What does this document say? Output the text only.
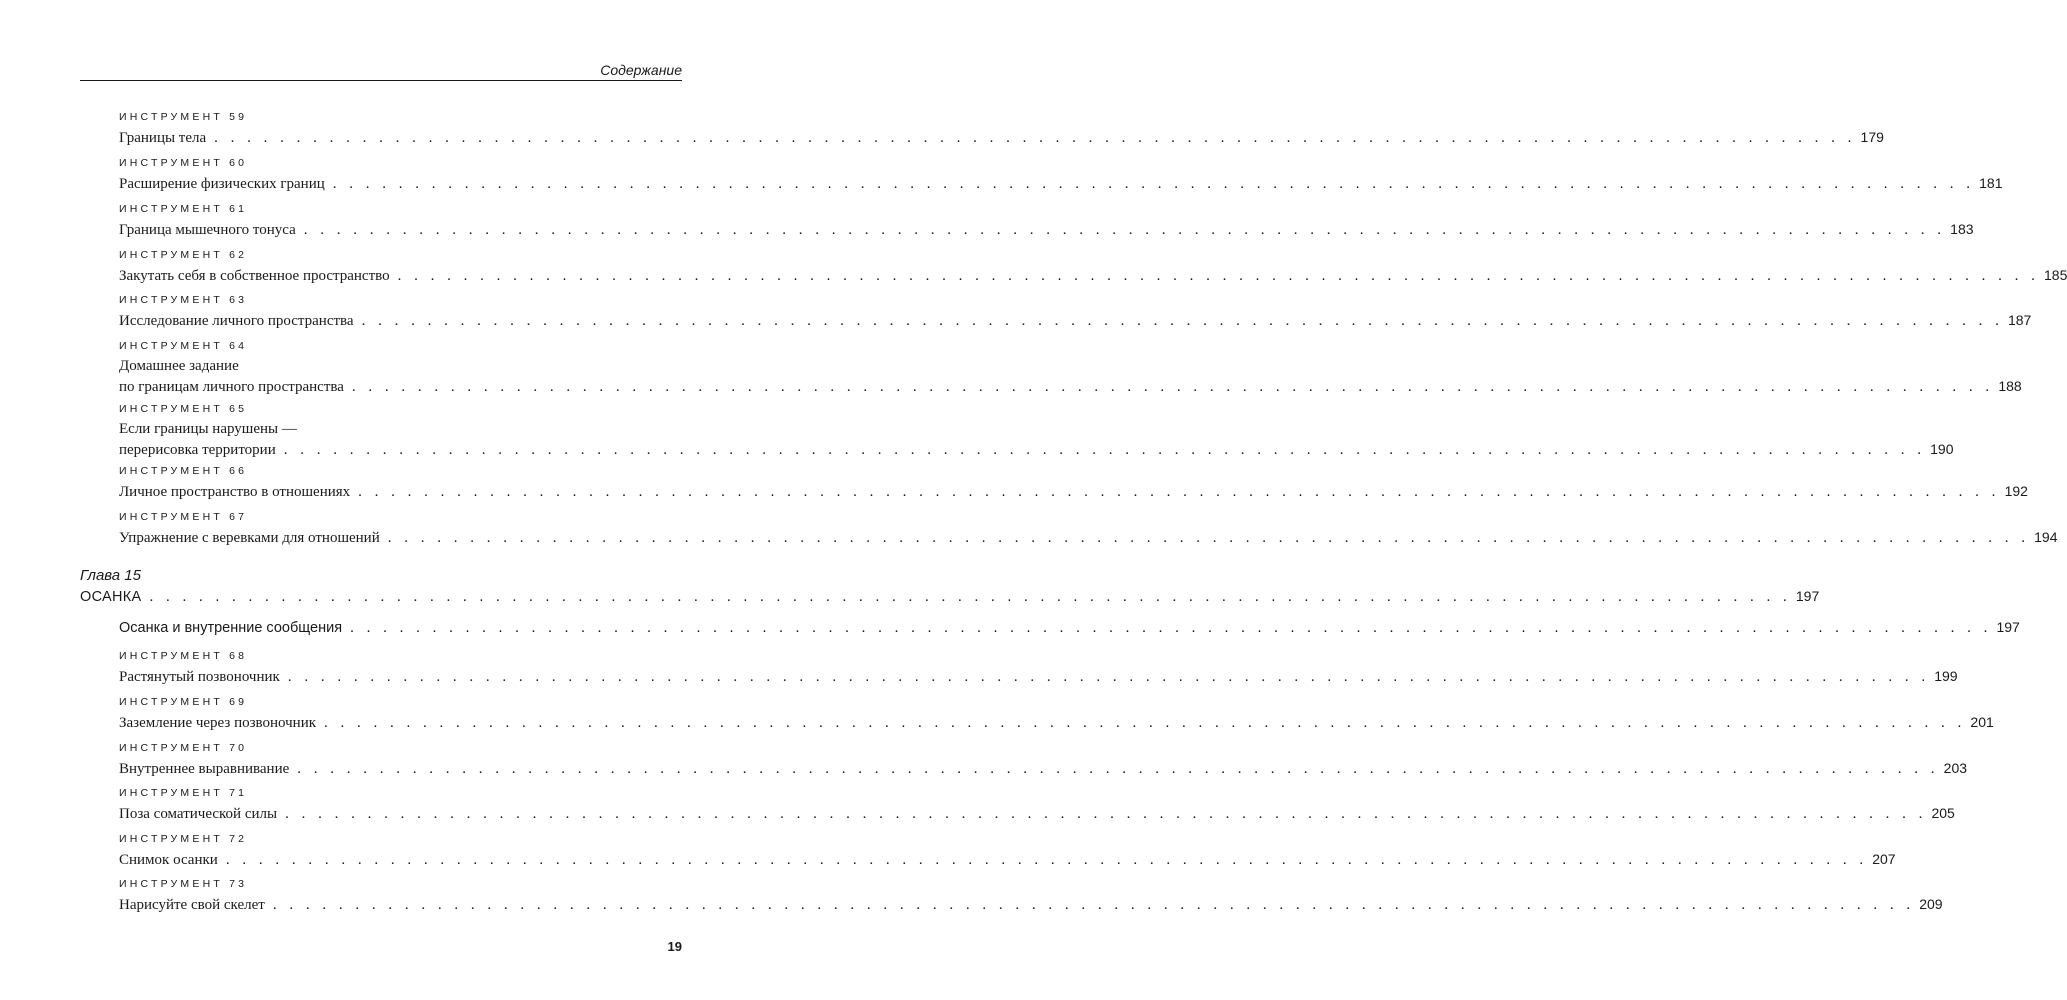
Содержание
ИНСТРУМЕНТ 59
Границы тела . . . . . . . . . . . . . . . . . . . . . . . . . . . . . . . . . . . . . . . . . . . . . . . . . . . . . . . . . . . . . . . . . . . . . . . . . . . . . . . . . . . . . . . . . . . . . . . . . . . . 179
ИНСТРУМЕНТ 60
Расширение физических границ . . . . . . . . . . . . . . . . . . . . . . . . . . . . . . . . . . . . . . . . . . . . . . . . . . . . . . . . . . . . . . . . . . . . . . . . . . . . . . . . . . . . . . . . . . . . . . . . . . . . 181
ИНСТРУМЕНТ 61
Граница мышечного тонуса . . . . . . . . . . . . . . . . . . . . . . . . . . . . . . . . . . . . . . . . . . . . . . . . . . . . . . . . . . . . . . . . . . . . . . . . . . . . . . . . . . . . . . . . . . . . . . . . . . . . 183
ИНСТРУМЕНТ 62
Закутать себя в собственное пространство . . . . . . . . . . . . . . . . . . . . . . . . . . . . . . . . . . . . . . . . . . . . . . . . . . . . . . . . . . . . . . . . . . . . . . . . . . . . . . . . . . . . . . . . . . . . . . . . . . . . 185
ИНСТРУМЕНТ 63
Исследование личного пространства . . . . . . . . . . . . . . . . . . . . . . . . . . . . . . . . . . . . . . . . . . . . . . . . . . . . . . . . . . . . . . . . . . . . . . . . . . . . . . . . . . . . . . . . . . . . . . . . . . . . 187
ИНСТРУМЕНТ 64
Домашнее задание
по границам личного пространства . . . . . . . . . . . . . . . . . . . . . . . . . . . . . . . . . . . . . . . . . . . . . . . . . . . . . . . . . . . . . . . . . . . . . . . . . . . . . . . . . . . . . . . . . . . . . . . . . . . . 188
ИНСТРУМЕНТ 65
Если границы нарушены —
перерисовка территории . . . . . . . . . . . . . . . . . . . . . . . . . . . . . . . . . . . . . . . . . . . . . . . . . . . . . . . . . . . . . . . . . . . . . . . . . . . . . . . . . . . . . . . . . . . . . . . . . . . . 190
ИНСТРУМЕНТ 66
Личное пространство в отношениях . . . . . . . . . . . . . . . . . . . . . . . . . . . . . . . . . . . . . . . . . . . . . . . . . . . . . . . . . . . . . . . . . . . . . . . . . . . . . . . . . . . . . . . . . . . . . . . . . . . . 192
ИНСТРУМЕНТ 67
Упражнение с веревками для отношений . . . . . . . . . . . . . . . . . . . . . . . . . . . . . . . . . . . . . . . . . . . . . . . . . . . . . . . . . . . . . . . . . . . . . . . . . . . . . . . . . . . . . . . . . . . . . . . . . . . . 194
Глава 15
ОСАНКА . . . . . . . . . . . . . . . . . . . . . . . . . . . . . . . . . . . . . . . . . . . . . . . . . . . . . . . . . . . . . . . . . . . . . . . . . . . . . . . . . . . . . . . . . . . . . . . . . . . . 197
Осанка и внутренние сообщения . . . . . . . . . . . . . . . . . . . . . . . . . . . . . . . . . . . . . . . . . . . . . . . . . . . . . . . . . . . . . . . . . . . . . . . . . . . . . . . . . . . . . . . . . . . . . . . . . . . . 197
ИНСТРУМЕНТ 68
Растянутый позвоночник . . . . . . . . . . . . . . . . . . . . . . . . . . . . . . . . . . . . . . . . . . . . . . . . . . . . . . . . . . . . . . . . . . . . . . . . . . . . . . . . . . . . . . . . . . . . . . . . . . . . 199
ИНСТРУМЕНТ 69
Заземление через позвоночник . . . . . . . . . . . . . . . . . . . . . . . . . . . . . . . . . . . . . . . . . . . . . . . . . . . . . . . . . . . . . . . . . . . . . . . . . . . . . . . . . . . . . . . . . . . . . . . . . . . . 201
ИНСТРУМЕНТ 70
Внутреннее выравнивание . . . . . . . . . . . . . . . . . . . . . . . . . . . . . . . . . . . . . . . . . . . . . . . . . . . . . . . . . . . . . . . . . . . . . . . . . . . . . . . . . . . . . . . . . . . . . . . . . . . . 203
ИНСТРУМЕНТ 71
Поза соматической силы . . . . . . . . . . . . . . . . . . . . . . . . . . . . . . . . . . . . . . . . . . . . . . . . . . . . . . . . . . . . . . . . . . . . . . . . . . . . . . . . . . . . . . . . . . . . . . . . . . . . 205
ИНСТРУМЕНТ 72
Снимок осанки . . . . . . . . . . . . . . . . . . . . . . . . . . . . . . . . . . . . . . . . . . . . . . . . . . . . . . . . . . . . . . . . . . . . . . . . . . . . . . . . . . . . . . . . . . . . . . . . . . . . 207
ИНСТРУМЕНТ 73
Нарисуйте свой скелет . . . . . . . . . . . . . . . . . . . . . . . . . . . . . . . . . . . . . . . . . . . . . . . . . . . . . . . . . . . . . . . . . . . . . . . . . . . . . . . . . . . . . . . . . . . . . . . . . . . . 209
19
